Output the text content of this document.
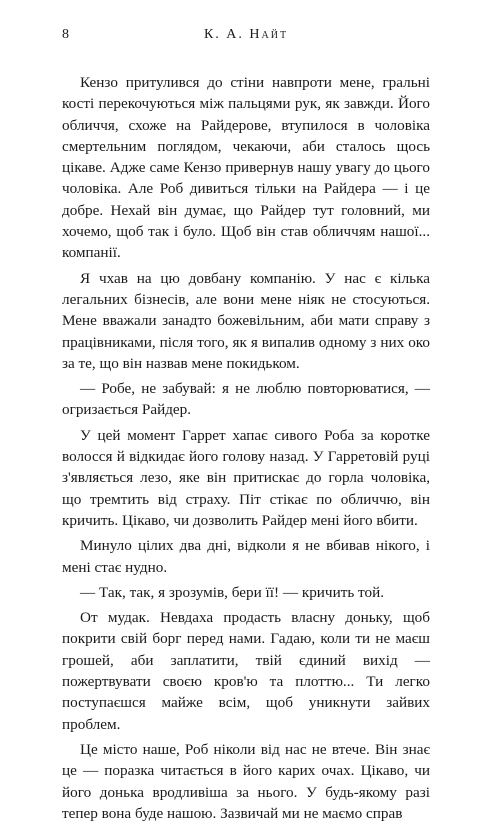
8	К. А. Найт

Кензо притулився до стіни навпроти мене, гральні кості перекочуються між пальцями рук, як завжди. Його обличчя, схоже на Райдерове, втупилося в чоловіка смертельним поглядом, чекаючи, аби сталось щось цікаве. Адже саме Кензо привернув нашу увагу до цього чоловіка. Але Роб дивиться тільки на Райдера — і це добре. Нехай він думає, що Райдер тут головний, ми хочемо, щоб так і було. Щоб він став обличчям нашої... компанії.

Я чхав на цю довбану компанію. У нас є кілька легальних бізнесів, але вони мене ніяк не стосуються. Мене вважали занадто божевільним, аби мати справу з працівниками, після того, як я випалив одному з них око за те, що він назвав мене покидьком.

— Робе, не забувай: я не люблю повторюватися, — огризається Райдер.

У цей момент Гаррет хапає сивого Роба за коротке волосся й відкидає його голову назад. У Гарретовій руці з'являється лезо, яке він притискає до горла чоловіка, що тремтить від страху. Піт стікає по обличчю, він кричить. Цікаво, чи дозволить Райдер мені його вбити.

Минуло цілих два дні, відколи я не вбивав нікого, і мені стає нудно.

— Так, так, я зрозумів, бери її! — кричить той.

От мудак. Невдаха продасть власну доньку, щоб покрити свій борг перед нами. Гадаю, коли ти не маєш грошей, аби заплатити, твій єдиний вихід — пожертвувати своєю кров'ю та плоттю... Ти легко поступаєшся майже всім, щоб уникнути зайвих проблем.

Це місто наше, Роб ніколи від нас не втече. Він знає це — поразка читається в його карих очах. Цікаво, чи його донька вродливіша за нього. У будь-якому разі тепер вона буде нашою. Зазвичай ми не маємо справ
